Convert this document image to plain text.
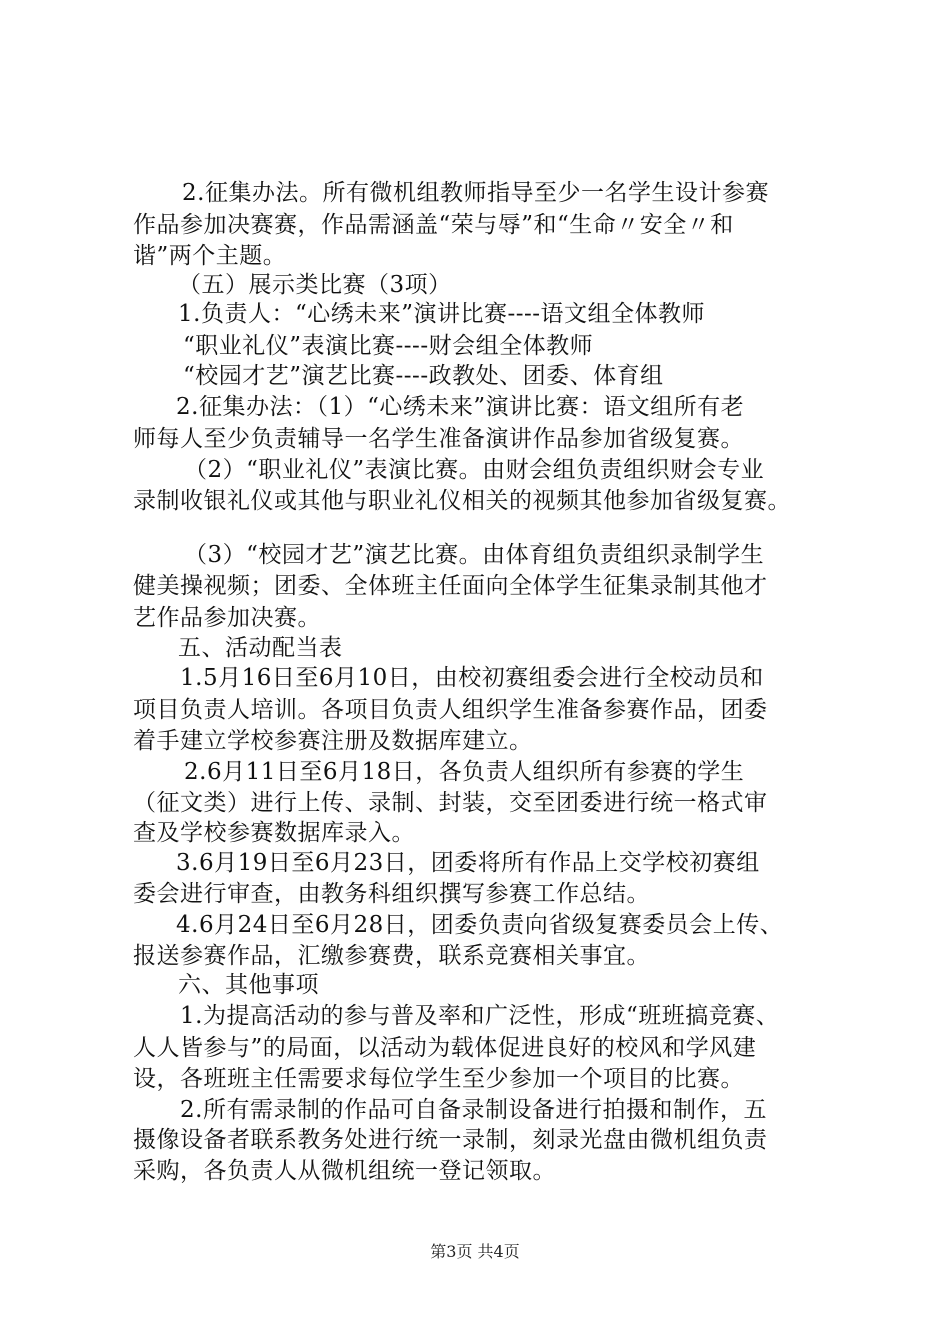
2.征集办法。所有微机组教师指导至少一名学生设计参赛
作品参加决赛赛，作品需涵盖“荣与辱”和“生命〃安全〃和
谐”两个主题。
（五）展示类比赛（3项）
1.负责人：“心绣未来”演讲比赛----语文组全体教师
“职业礼仪”表演比赛----财会组全体教师
“校园才艺”演艺比赛----政教处、团委、体育组
2.征集办法：（1）“心绣未来”演讲比赛：语文组所有老
师每人至少负责辅导一名学生准备演讲作品参加省级复赛。
（2）“职业礼仪”表演比赛。由财会组负责组织财会专业
录制收银礼仪或其他与职业礼仪相关的视频其他参加省级复赛。
（3）“校园才艺”演艺比赛。由体育组负责组织录制学生
健美操视频；团委、全体班主任面向全体学生征集录制其他才
艺作品参加决赛。
五、活动配当表
1.5月16日至6月10日，由校初赛组委会进行全校动员和
项目负责人培训。各项目负责人组织学生准备参赛作品，团委
着手建立学校参赛注册及数据库建立。
2.6月11日至6月18日，各负责人组织所有参赛的学生
（征文类）进行上传、录制、封装，交至团委进行统一格式审
查及学校参赛数据库录入。
3.6月19日至6月23日，团委将所有作品上交学校初赛组
委会进行审查，由教务科组织撰写参赛工作总结。
4.6月24日至6月28日，团委负责向省级复赛委员会上传、
报送参赛作品，汇缴参赛费，联系竞赛相关事宜。
六、其他事项
1.为提高活动的参与普及率和广泛性，形成“班班搞竞赛、
人人皆参与”的局面，以活动为载体促进良好的校风和学风建
设，各班班主任需要求每位学生至少参加一个项目的比赛。
2.所有需录制的作品可自备录制设备进行拍摄和制作，五
摄像设备者联系教务处进行统一录制，刻录光盘由微机组负责
采购，各负责人从微机组统一登记领取。
第3页 共4页
